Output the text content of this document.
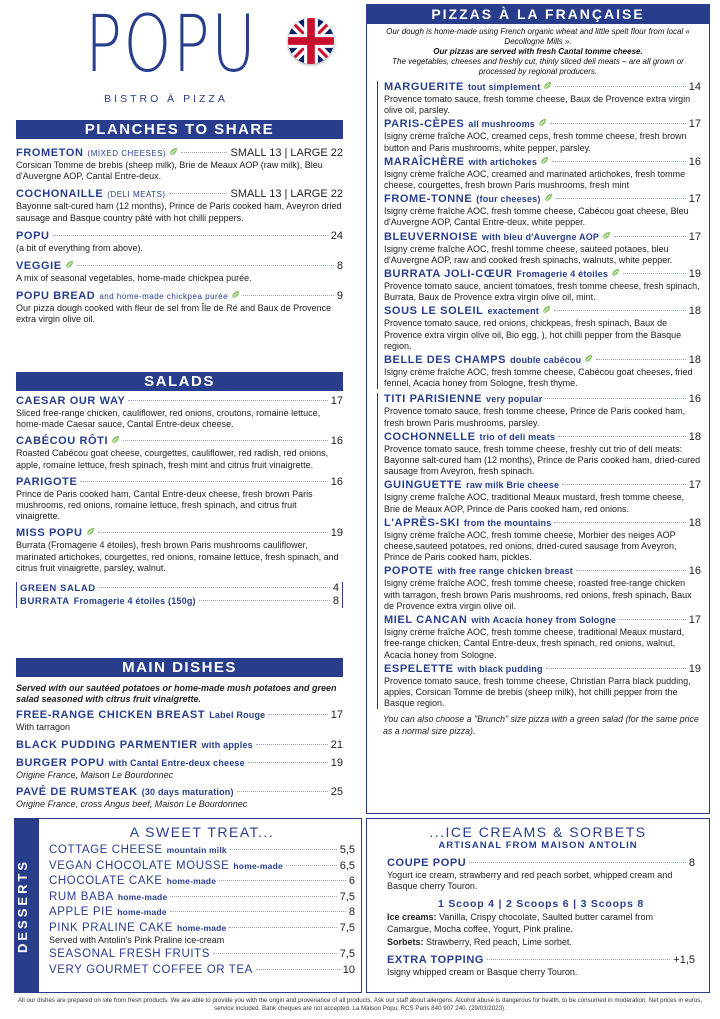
POPU
BISTRO À PIZZA
PLANCHES TO SHARE
FROMETON (MIXED CHEESES)	SMALL 13 | LARGE 22
Corsican Tomme de brebis (sheep milk), Brie de Meaux AOP (raw milk), Bleu d'Auvergne AOP, Cantal Entre-deux.
COCHONAILLE (DELI MEATS)	SMALL 13 | LARGE 22
Bayonne salt-cured ham (12 months), Prince de Paris cooked ham, Aveyron dried sausage and Basque country pâté with hot chilli peppers.
POPU	24
(a bit of everything from above).
VEGGIE	8
A mix of seasonal vegetables, home-made chickpea purée.
POPU BREAD and home-made chickpea purée	9
Our pizza dough cooked with fleur de sel from Île de Ré and Baux de Provence extra virgin olive oil.
SALADS
CAESAR OUR WAY	17
Sliced free-range chicken, cauliflower, red onions, croutons, romaine lettuce, home-made Caesar sauce, Cantal Entre-deux cheese.
CABÉCOU RÔTI	16
Roasted Cabécou goat cheese, courgettes, cauliflower, red radish, red onions, apple, romaine lettuce, fresh spinach, fresh mint and citrus fruit vinaigrette.
PARIGOTE	16
Prince de Paris cooked ham, Cantal Entre-deux cheese, fresh brown Paris mushrooms, red onions, romaine lettuce, fresh spinach, and citrus fruit vinaigrette.
MISS POPU	19
Burrata (Fromagerie 4 étoiles), fresh brown Paris mushrooms cauliflower, marinated artichokes, courgettes, red onions, romaine lettuce, fresh spinach, and citrus fruit vinaigrette, parsley, walnut.
GREEN SALAD	4
BURRATA Fromagerie 4 étoiles (150g)	8
MAIN DISHES
Served with our sautéed potatoes or home-made mush potatoes and green salad seasoned with citrus fruit vinaigrette.
FREE-RANGE CHICKEN BREAST Label Rouge	17
With tarragon
BLACK PUDDING PARMENTIER with apples	21
BURGER POPU with Cantal Entre-deux cheese	19
Origine France, Maison Le Bourdonnec
PAVÉ DE RUMSTEAK (30 days maturation)	25
Origine France, cross Angus beef, Maison Le Bourdonnec
PIZZAS À LA FRANÇAISE
Our dough is home-made using French organic wheat and little spelt flour from local « Decollogne Mills ».
Our pizzas are served with fresh Cantal tomme cheese.
The vegetables, cheeses and freshly cut, thinly sliced deli meats – are all grown or processed by regional producers.
MARGUERITE tout simplement	14
Provence tomato sauce, fresh tomme cheese, Baux de Provence extra virgin olive oil, parsley.
PARIS-CÈPES all mushrooms	17
Isigny crème fraîche AOC, creamed ceps, fresh tomme cheese, fresh brown button and Paris mushrooms, white pepper, parsley.
MARAÎCHÈRE with artichokes	16
Isigny crème fraîche AOC, creamed and marinated artichokes, fresh tomme cheese, courgettes, fresh brown Paris mushrooms, fresh mint
FROME-TONNE (four cheeses)	17
Isigny crème fraîche AOC, fresh tomme cheese, Cabécou goat cheese, Bleu d'Auvergne AOP, Cantal Entre-deux, white pepper.
BLEUVERNOISE with bleu d'Auvergne AOP	17
Isigny crème fraîche AOC, freshl tomme cheese, sauteed potaoes, bleu d'Auvergne AOP, raw and cooked fresh spinachs, walnuts, white pepper.
BURRATA JOLI-CŒUR Fromagerie 4 étoiles	19
Provence tomato sauce, ancient tomatoes, fresh tomme cheese, fresh spinach, Burrata, Baux de Provence extra virgin olive oil, mint.
SOUS LE SOLEIL exactement	18
Provence tomato sauce, red onions, chickpeas, fresh spinach, Baux de Provence extra virgin olive oil, Bio egg, ), hot chilli pepper from the Basque region.
BELLE DES CHAMPS double cabécou	18
Isigny crème fraîche AOC, fresh tomme cheese, Cabécou goat cheeses, fried fennel, Acacia honey from Sologne, fresh thyme.
TITI PARISIENNE very popular	16
Provence tomato sauce, fresh tomme cheese, Prince de Paris cooked ham, fresh brown Paris mushrooms, parsley.
COCHONNELLE trio of deli meats	18
Provence tomato sauce, fresh tomme cheese, freshly cut trio of deli meats: Bayonne salt-cured ham (12 months), Prince de Paris cooked ham, dried-cured sausage from Aveyron, fresh spinach.
GUINGUETTE raw milk Brie cheese	17
Isigny crème fraîche AOC, traditional Meaux mustard, fresh tomme cheese, Brie de Meaux AOP, Prince de Paris cooked ham, red onions.
L'APRÈS-SKI from the mountains	18
Isigny crème fraîche AOC, fresh tomme cheese, Morbier des neiges AOP cheese,sauteed potatoes, red onions, dried-cured sausage from Aveyron, Prince de Paris cooked ham, pickles.
POPOTE with free range chicken breast	16
Isigny crème fraîche AOC, fresh tomme cheese, roasted free-range chicken with tarragon, fresh brown Paris mushrooms, red onions, fresh spinach, Baux de Provence extra virgin olive oil.
MIEL CANCAN with Acacia honey from Sologne	17
Isigny crème fraîche AOC, fresh tomme cheese, traditional Meaux mustard, free-range chicken, Cantal Entre-deux, fresh spinach, red onions, walnut, Acacia honey from Sologne.
ESPELETTE with black pudding	19
Provence tomato sauce, fresh tomme cheese, Christian Parra black pudding, apples, Corsican Tomme de brebis (sheep milk), hot chilli pepper from the Basque region.
You can also choose a "Brunch" size pizza with a green salad (for the same price as a normal size pizza).
DESSERTS
A SWEET TREAT...
COTTAGE CHEESE mountain milk	5,5
VEGAN CHOCOLATE MOUSSE home-made	6,5
CHOCOLATE CAKE home-made	6
RUM BABA home-made	7,5
APPLE PIE home-made	8
PINK PRALINE CAKE home-made	7,5
Served with Antolin's Pink Praline ice-cream
SEASONAL FRESH FRUITS	7,5
VERY GOURMET COFFEE OR TEA	10
...ICE CREAMS & SORBETS
ARTISANAL FROM MAISON ANTOLIN
COUPE POPU	8
Yogurt ice cream, strawberry and red peach sorbet, whipped cream and Basque cherry Touron.
1 Scoop 4 | 2 Scoops 6 | 3 Scoops 8
Ice creams: Vanilla, Crispy chocolate, Saulted butter caramel from Camargue, Mocha coffee, Yogurt, Pink praline.
Sorbets: Strawberry, Red peach, Lime sorbet.
EXTRA TOPPING	+1,5
Isigny whipped cream or Basque cherry Touron.
All our dishes are prepared on site from fresh products. We are able to provide you with the origin and provenance of all products. Ask our staff about allergens. Alcohol abuse is dangerous for health, to be consumed in moderation. Net prices in euros, service included. Bank cheques are not accepted. La Maison Popu, RCS Paris 840 907 240. (29/03/2023).
